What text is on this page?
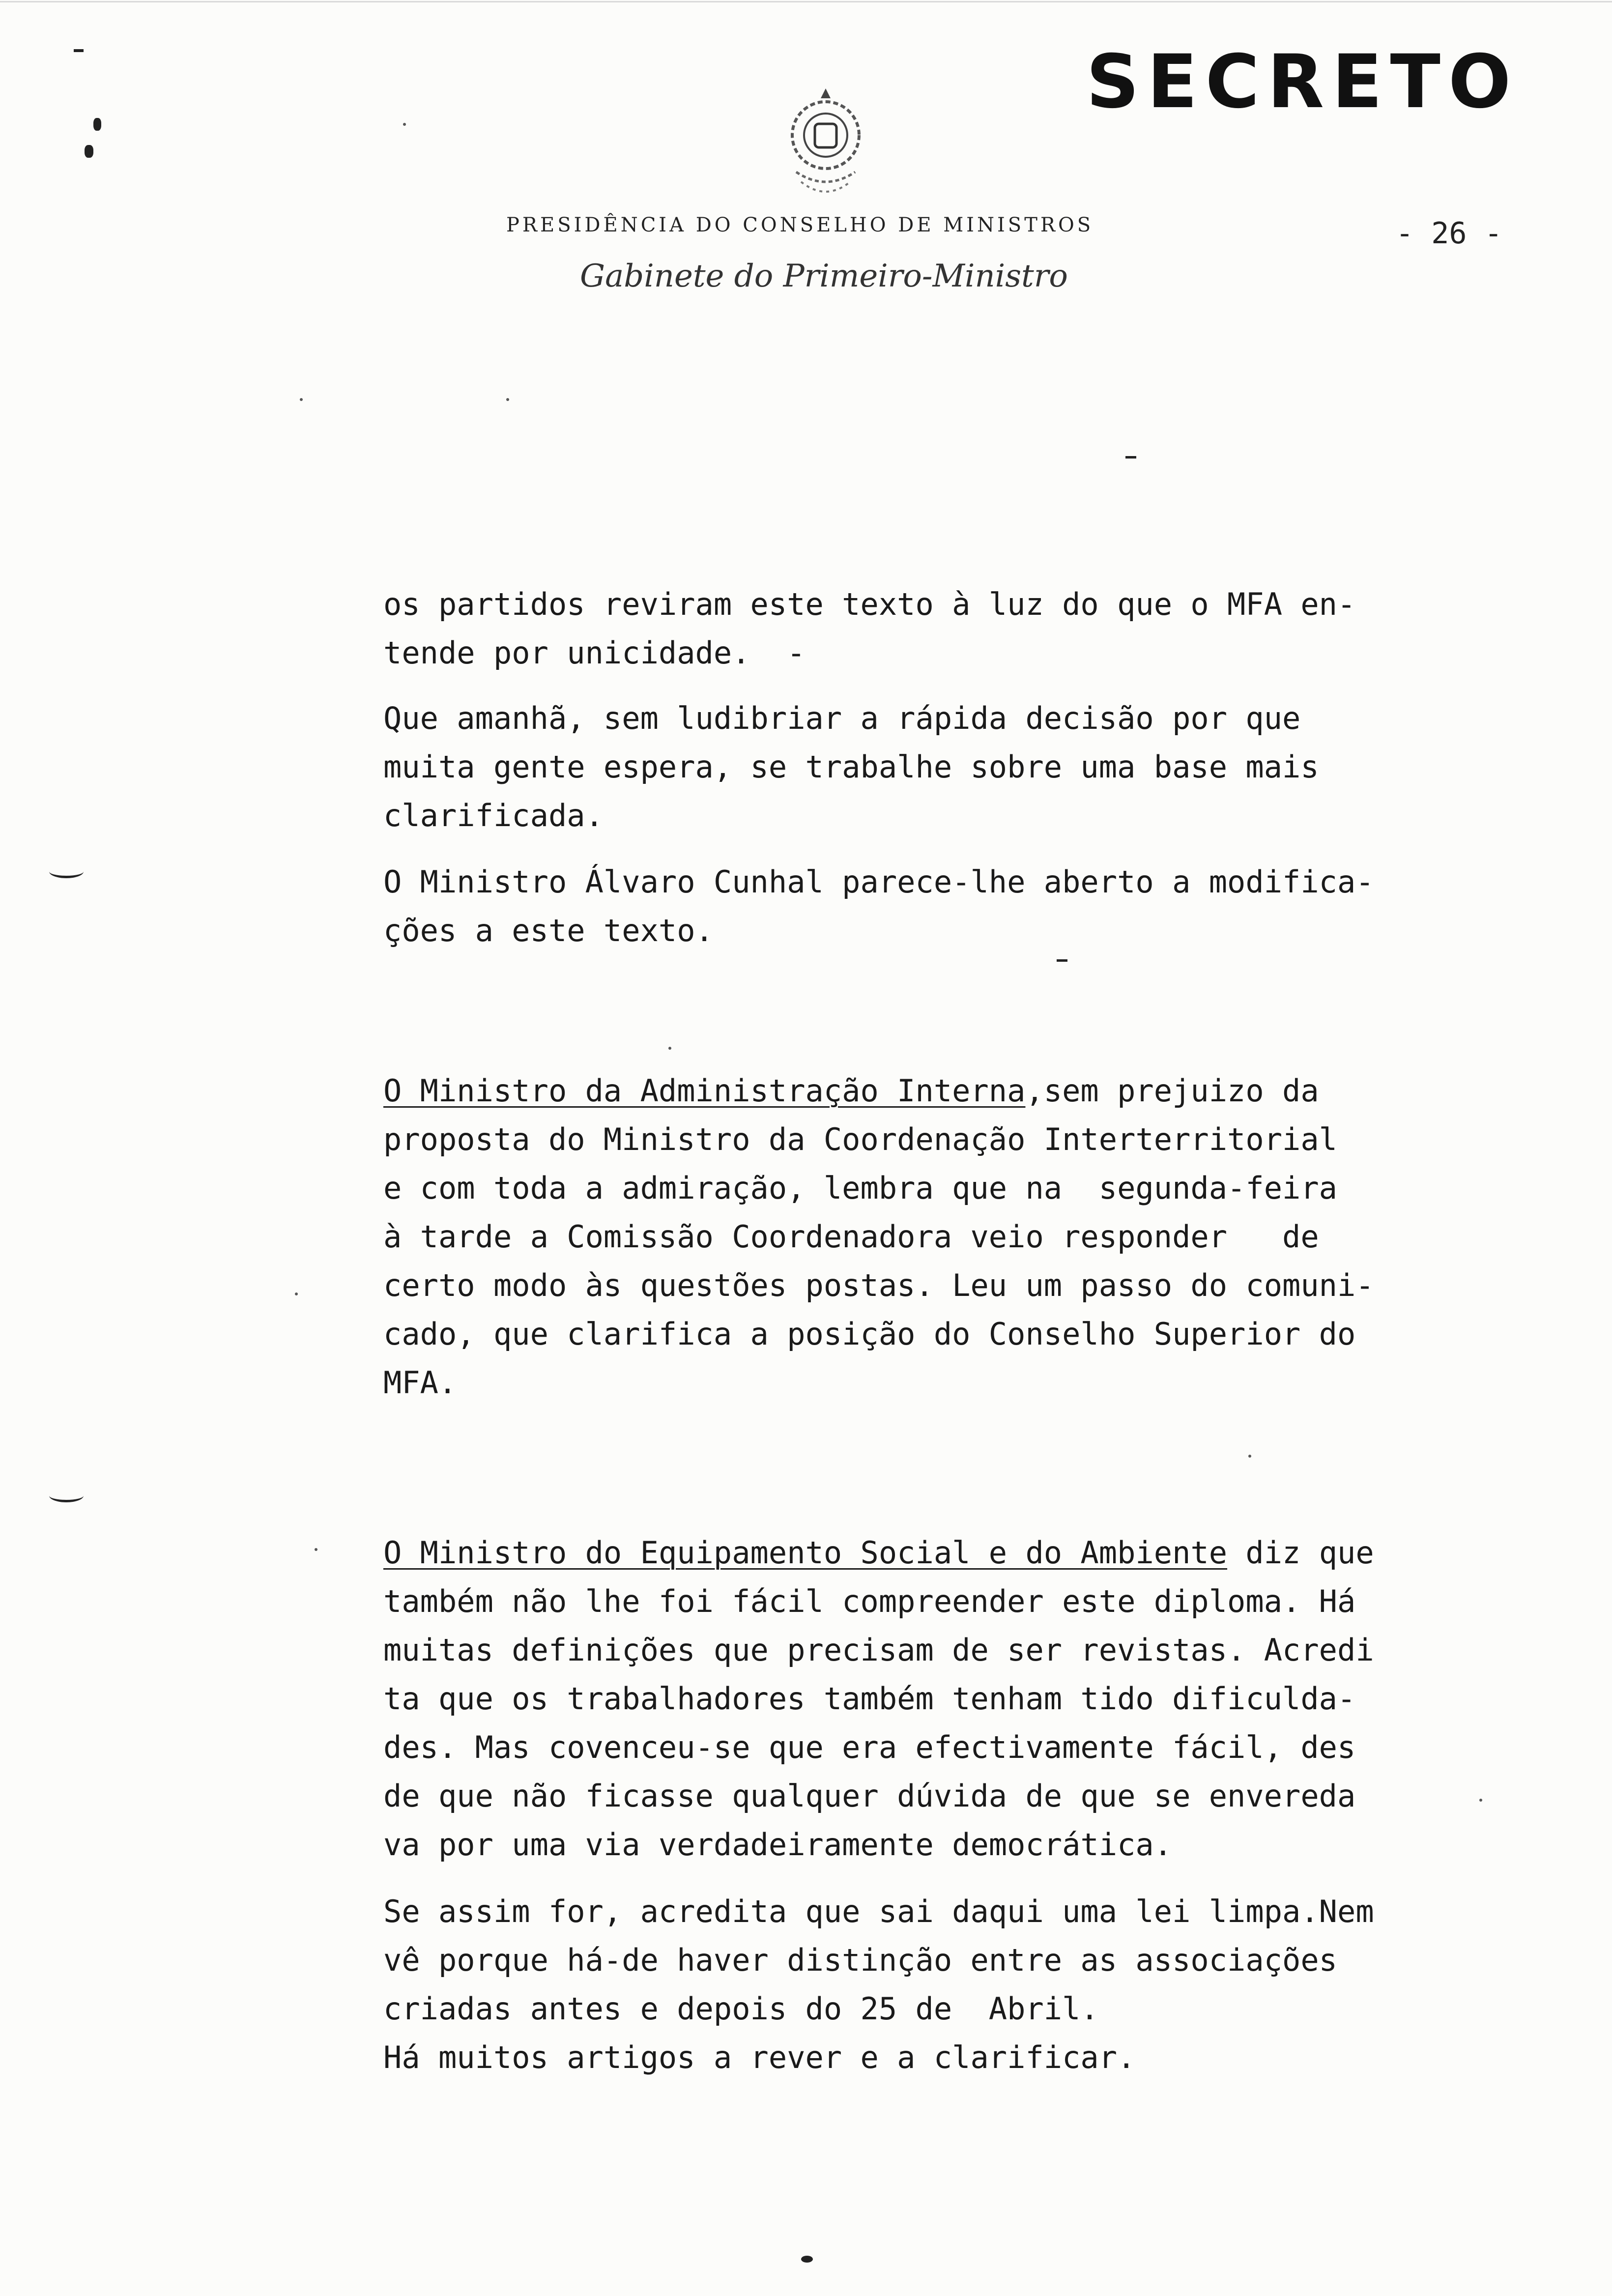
SECRETO
PRESIDÊNCIA DO CONSELHO DE MINISTROS
Gabinete do Primeiro-Ministro
- 26 -
os partidos reviram este texto à luz do que o MFA en-
tende por unicidade.  -
Que amanhã, sem ludibriar a rápida decisão por que
muita gente espera, se trabalhe sobre uma base mais
clarificada.
O Ministro Álvaro Cunhal parece-lhe aberto a modifica-
ções a este texto.
O Ministro da Administração Interna,sem prejuizo da
proposta do Ministro da Coordenação Interterritorial
e com toda a admiração, lembra que na  segunda-feira
à tarde a Comissão Coordenadora veio responder   de
certo modo às questões postas. Leu um passo do comuni-
cado, que clarifica a posição do Conselho Superior do
MFA.
O Ministro do Equipamento Social e do Ambiente diz que
também não lhe foi fácil compreender este diploma. Há
muitas definições que precisam de ser revistas. Acredi
ta que os trabalhadores também tenham tido dificulda-
des. Mas covenceu-se que era efectivamente fácil, des
de que não ficasse qualquer dúvida de que se enveredа
va por uma via verdadeiramente democrática.
Se assim for, acredita que sai daqui uma lei limpa.Nem
vê porque há-de haver distinção entre as associações
criadas antes e depois do 25 de  Abril.
Há muitos artigos a rever e a clarificar.
